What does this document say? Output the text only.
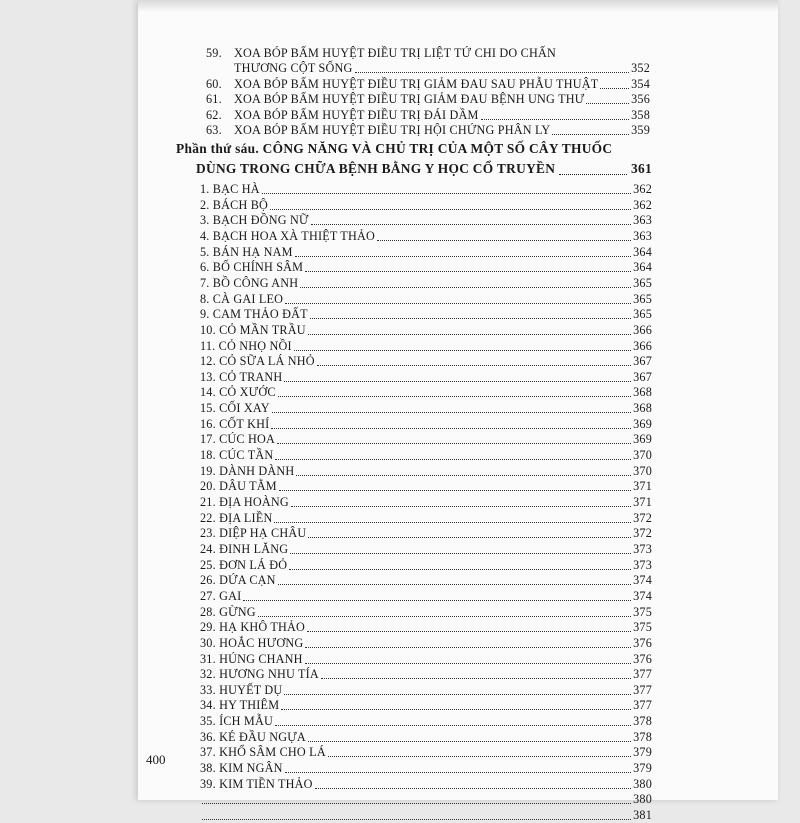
59. XOA BÓP BẤM HUYỆT ĐIỀU TRỊ LIỆT TỨ CHI DO CHẤN
THƯƠNG CỘT SỐNG	352
60. XOA BÓP BẤM HUYỆT ĐIỀU TRỊ GIẢM ĐAU SAU PHẪU THUẬT	354
61. XOA BÓP BẤM HUYỆT ĐIỀU TRỊ GIẢM ĐAU BỆNH UNG THƯ	356
62. XOA BÓP BẤM HUYỆT ĐIỀU TRỊ ĐÁI DẦM	358
63. XOA BÓP BẤM HUYỆT ĐIỀU TRỊ HỘI CHỨNG PHÂN LY	359
Phần thứ sáu. CÔNG NĂNG VÀ CHỦ TRỊ CỦA MỘT SỐ CÂY THUỐC
DÙNG TRONG CHỮA BỆNH BẰNG Y HỌC CỔ TRUYỀN	361
1. BẠC HÀ	362
2. BÁCH BỘ	362
3. BẠCH ĐỒNG NỮ	363
4. BẠCH HOA XÀ THIỆT THẢO	363
5. BÁN HẠ NAM	364
6. BỐ CHÍNH SÂM	364
7. BỒ CÔNG ANH	365
8. CÀ GAI LEO	365
9. CAM THẢO ĐẤT	365
10. CỎ MẦN TRẦU	366
11. CỎ NHỌ NỒI	366
12. CỎ SỮA LÁ NHỎ	367
13. CỎ TRANH	367
14. CỎ XƯỚC	368
15. CỐI XAY	368
16. CỐT KHÍ	369
17. CÚC HOA	369
18. CÚC TẦN	370
19. DÀNH DÀNH	370
20. DÂU TẰM	371
21. ĐỊA HOÀNG	371
22. ĐỊA LIỀN	372
23. DIỆP HẠ CHÂU	372
24. ĐINH LĂNG	373
25. ĐƠN LÁ ĐỎ	373
26. DỨA CẠN	374
27. GAI	374
28. GỪNG	375
29. HẠ KHÔ THẢO	375
30. HOẮC HƯƠNG	376
31. HÚNG CHANH	376
32. HƯƠNG NHU TÍA	377
33. HUYẾT DỤ	377
34. HY THIÊM	377
35. ÍCH MẪU	378
36. KÉ ĐẦU NGỰA	378
37. KHỔ SÂM CHO LÁ	379
38. KIM NGÂN	379
39. KIM TIỀN THẢO	380
380
381
400
